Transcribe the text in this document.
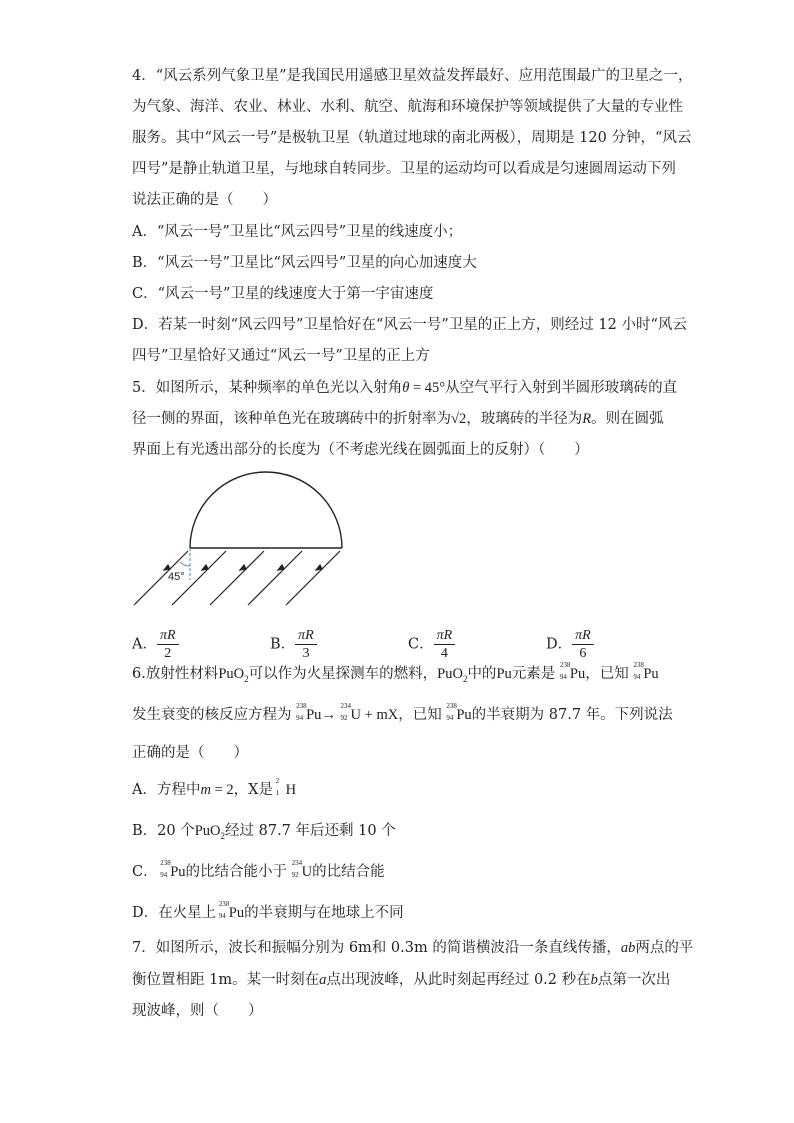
4．“风云系列气象卫星”是我国民用遥感卫星效益发挥最好、应用范围最广的卫星之一，
为气象、海洋、农业、林业、水利、航空、航海和环境保护等领域提供了大量的专业性
服务。其中“风云一号”是极轨卫星（轨道过地球的南北两极），周期是 120 分钟，“风云
四号”是静止轨道卫星，与地球自转同步。卫星的运动均可以看成是匀速圆周运动下列
说法正确的是（　　）
A．“风云一号”卫星比“风云四号”卫星的线速度小；
B．“风云一号”卫星比“风云四号”卫星的向心加速度大
C．“风云一号”卫星的线速度大于第一宇宙速度
D．若某一时刻“风云四号”卫星恰好在“风云一号”卫星的正上方，则经过 12 小时“风云
四号”卫星恰好又通过“风云一号”卫星的正上方
5．如图所示，某种频率的单色光以入射角θ = 45°从空气平行入射到半圆形玻璃砖的直
径一侧的界面，该种单色光在玻璃砖中的折射率为√2，玻璃砖的半径为R。则在圆弧
界面上有光透出部分的长度为（不考虑光线在圆弧面上的反射）（　　）
45°
A． $\frac{\pi R}{2}$	B． $\frac{\pi R}{3}$	C． $\frac{\pi R}{4}$	D． $\frac{\pi R}{6}$
6.放射性材料PuO$_2$可以作为火星探测车的燃料，PuO$_2$中的Pu元素是
238
94 Pu，已知
238
94 Pu
发生衰变的核反应方程为
238
94 Pu→
234
92 U + mX，已知
238
94 Pu的半衰期为 87.7 年。下列说法
正确的是（　　）
A．方程中m = 2，X是
2
1 H
B．20 个PuO$_2$经过 87.7 年后还剩 10 个
C．
238
94 Pu的比结合能小于
234
92 U的比结合能
D．在火星上
238
94 Pu的半衰期与在地球上不同
7．如图所示，波长和振幅分别为 6m和 0.3m 的简谐横波沿一条直线传播，ab两点的平
衡位置相距 1m。某一时刻在a点出现波峰，从此时刻起再经过 0.2 秒在b点第一次出
现波峰，则（　　）
